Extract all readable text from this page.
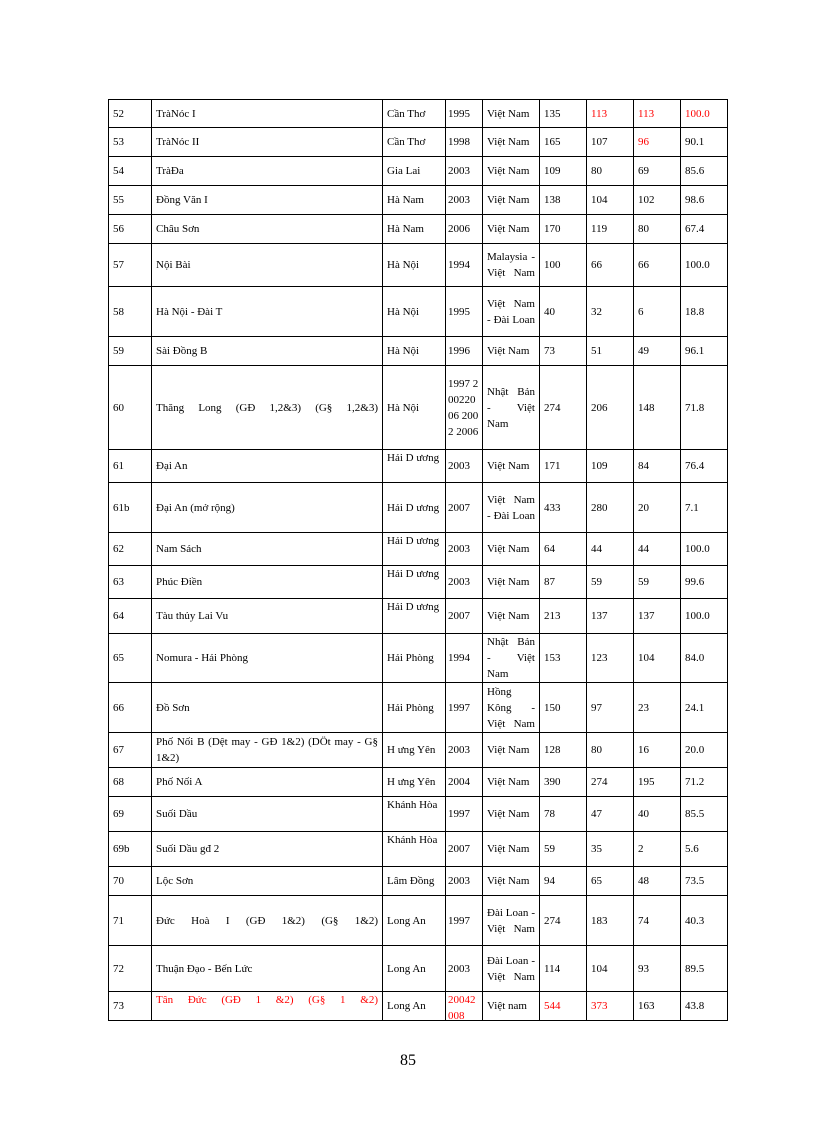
52	TràNóc I	Cần Thơ	1995	Việt Nam	135	113	113	100.0
53	TràNóc II	Cần Thơ	1998	Việt Nam	165	107	96	90.1
54	TràĐa	Gia Lai	2003	Việt Nam	109	80	69	85.6
55	Đồng Văn I	Hà Nam	2003	Việt Nam	138	104	102	98.6
56	Châu Sơn	Hà Nam	2006	Việt Nam	170	119	80	67.4
57	Nội Bài	Hà Nội	1994	Malaysia - Việt Nam	100	66	66	100.0
58	Hà Nội - Đài T	Hà Nội	1995	Việt Nam - Đài Loan	40	32	6	18.8
59	Sài Đồng B	Hà Nội	1996	Việt Nam	73	51	49	96.1
60	Thăng Long (GĐ 1,2&3) (G§ 1,2&3)	Hà Nội	1997 20022006 2002 2006	Nhật Bản - Việt Nam	274	206	148	71.8
61	Đại An	Hải D ương	2003	Việt Nam	171	109	84	76.4
61b	Đại An (mở rộng)	Hải D ương	2007	Việt Nam - Đài Loan	433	280	20	7.1
62	Nam Sách	Hải D ương	2003	Việt Nam	64	44	44	100.0
63	Phúc Điền	Hải D ương	2003	Việt Nam	87	59	59	99.6
64	Tàu thủy Lai Vu	Hải D ương	2007	Việt Nam	213	137	137	100.0
65	Nomura - Hải Phòng	Hải Phòng	1994	Nhật Bản - Việt Nam	153	123	104	84.0
66	Đồ Sơn	Hải Phòng	1997	Hồng Kông - Việt Nam	150	97	23	24.1
67	Phố Nối B (Dệt may - GĐ 1&2) (DÖt may - G§ 1&2)	H ưng Yên	2003	Việt Nam	128	80	16	20.0
68	Phố Nối A	H ưng Yên	2004	Việt Nam	390	274	195	71.2
69	Suối Dầu	Khánh Hòa	1997	Việt Nam	78	47	40	85.5
69b	Suối Dầu gđ 2	Khánh Hòa	2007	Việt Nam	59	35	2	5.6
70	Lộc Sơn	Lâm Đồng	2003	Việt Nam	94	65	48	73.5
71	Đức Hoà I (GĐ 1&2) (G§ 1&2)	Long An	1997	Đài Loan - Việt Nam	274	183	74	40.3
72	Thuận Đạo - Bến Lức	Long An	2003	Đài Loan - Việt Nam	114	104	93	89.5
73	Tân Đức (GĐ 1 &2) (G§ 1 &2)	Long An	20042008	Việt nam	544	373	163	43.8
85
